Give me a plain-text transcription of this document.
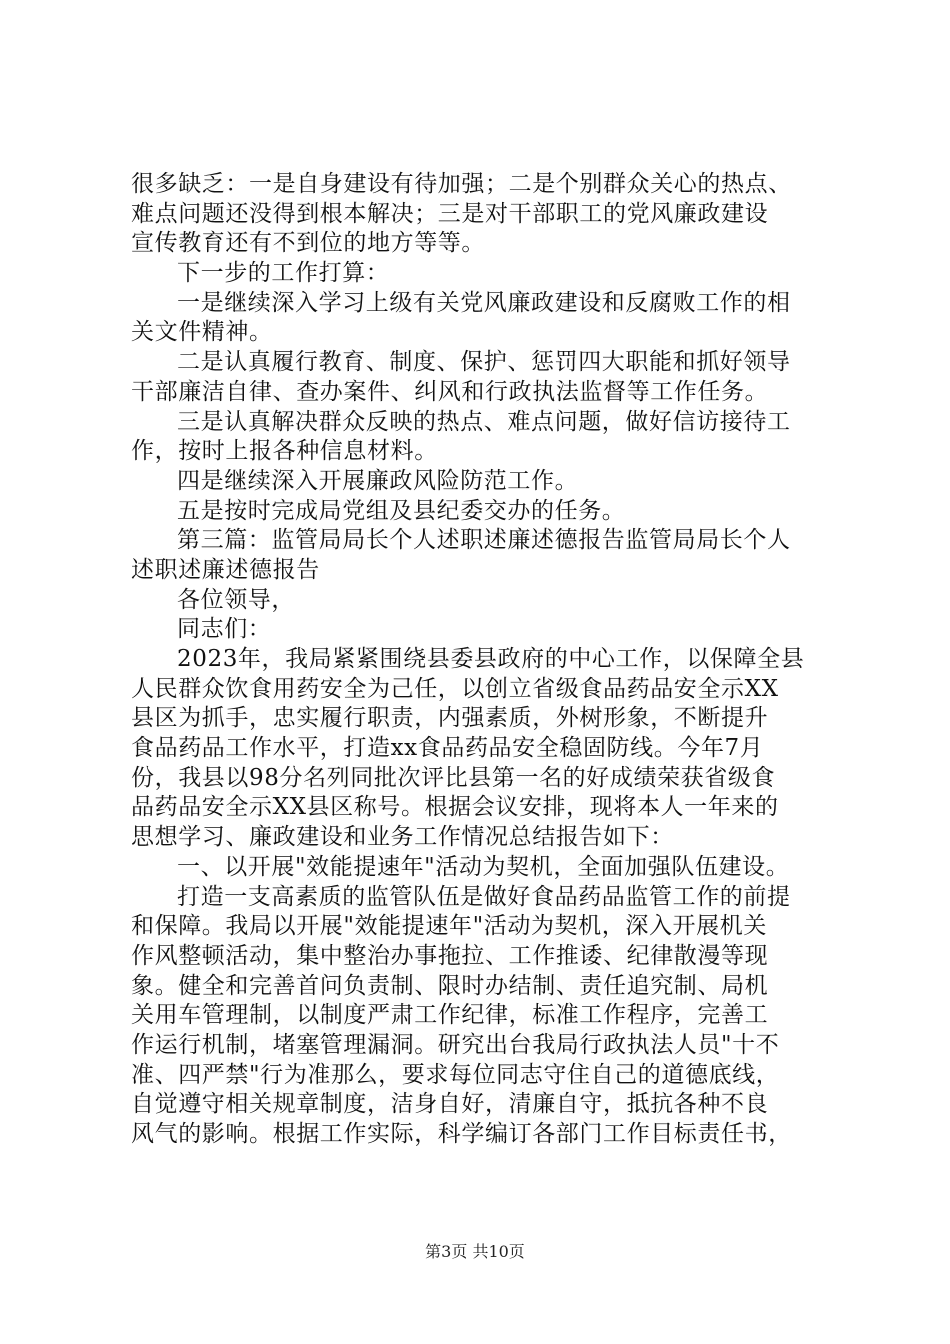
很多缺乏：一是自身建设有待加强；二是个别群众关心的热点、
难点问题还没得到根本解决；三是对干部职工的党风廉政建设
宣传教育还有不到位的地方等等。
下一步的工作打算：
一是继续深入学习上级有关党风廉政建设和反腐败工作的相
关文件精神。
二是认真履行教育、制度、保护、惩罚四大职能和抓好领导
干部廉洁自律、查办案件、纠风和行政执法监督等工作任务。
三是认真解决群众反映的热点、难点问题，做好信访接待工
作，按时上报各种信息材料。
四是继续深入开展廉政风险防范工作。
五是按时完成局党组及县纪委交办的任务。
第三篇：监管局局长个人述职述廉述德报告监管局局长个人
述职述廉述德报告
各位领导，
同志们：
2023年，我局紧紧围绕县委县政府的中心工作，以保障全县
人民群众饮食用药安全为己任，以创立省级食品药品安全示XX
县区为抓手，忠实履行职责，内强素质，外树形象，不断提升
食品药品工作水平，打造xx食品药品安全稳固防线。今年7月
份，我县以98分名列同批次评比县第一名的好成绩荣获省级食
品药品安全示XX县区称号。根据会议安排，现将本人一年来的
思想学习、廉政建设和业务工作情况总结报告如下：
一、以开展"效能提速年"活动为契机，全面加强队伍建设。
打造一支高素质的监管队伍是做好食品药品监管工作的前提
和保障。我局以开展"效能提速年"活动为契机，深入开展机关
作风整顿活动，集中整治办事拖拉、工作推诿、纪律散漫等现
象。健全和完善首问负责制、限时办结制、责任追究制、局机
关用车管理制，以制度严肃工作纪律，标准工作程序，完善工
作运行机制，堵塞管理漏洞。研究出台我局行政执法人员"十不
准、四严禁"行为准那么，要求每位同志守住自己的道德底线，
自觉遵守相关规章制度，洁身自好，清廉自守，抵抗各种不良
风气的影响。根据工作实际，科学编订各部门工作目标责任书，
第3页 共10页
